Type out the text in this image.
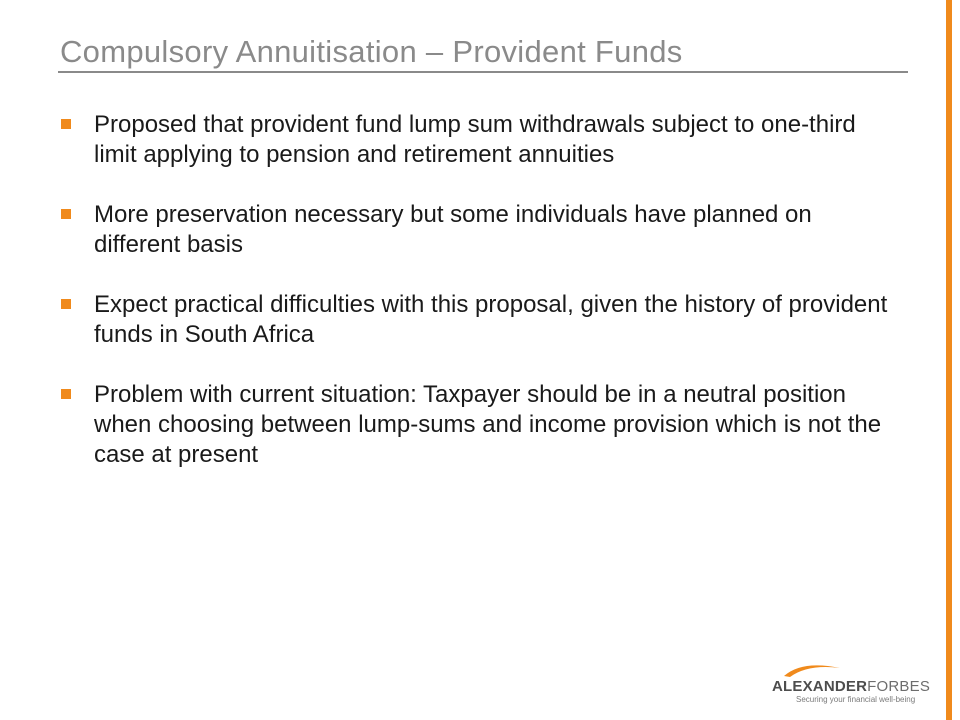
Compulsory Annuitisation – Provident Funds
Proposed that provident fund lump sum withdrawals subject to one-third limit applying to pension and retirement annuities
More preservation necessary but some individuals have planned on different basis
Expect practical difficulties with this proposal, given the history of provident funds in South Africa
Problem with current situation: Taxpayer should be in a neutral position when choosing between lump-sums and income provision which is not the case at present
ALEXANDERFORBES
Securing your financial well-being
